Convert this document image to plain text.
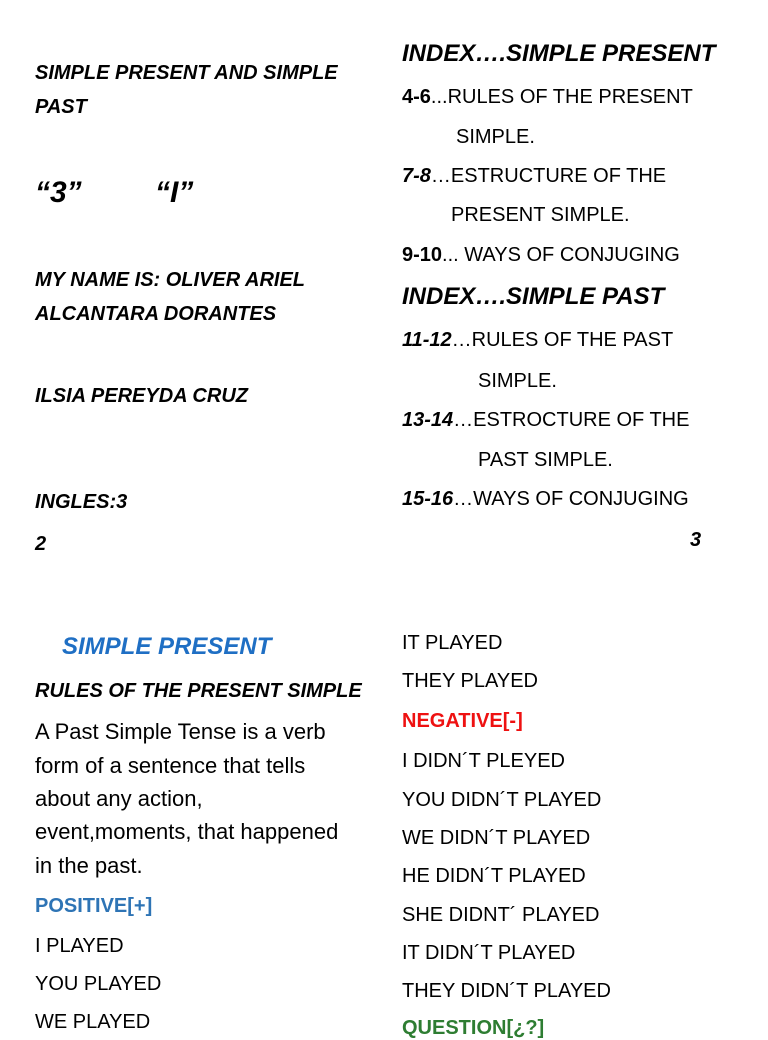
SIMPLE PRESENT AND SIMPLE
PAST
“3” “I”
MY NAME IS: OLIVER ARIEL
ALCANTARA DORANTES
ILSIA PEREYDA CRUZ
INGLES:3
2
INDEX….SIMPLE PRESENT
4-6...RULES OF THE PRESENT
SIMPLE.
7-8…ESTRUCTURE OF THE
PRESENT SIMPLE.
9-10... WAYS OF CONJUGING
INDEX….SIMPLE PAST
11-12…RULES OF THE PAST
SIMPLE.
13-14…ESTROCTURE OF THE
PAST SIMPLE.
15-16…WAYS OF CONJUGING
3
SIMPLE PRESENT
RULES OF THE PRESENT SIMPLE
A Past Simple Tense is a verb
form of a sentence that tells
about any action,
event,moments, that happened
in the past.
POSITIVE[+]
I PLAYED
YOU PLAYED
WE PLAYED
IT PLAYED
THEY PLAYED
NEGATIVE[-]
I DIDN´T PLEYED
YOU DIDN´T PLAYED
WE DIDN´T PLAYED
HE DIDN´T PLAYED
SHE DIDNT´ PLAYED
IT DIDN´T PLAYED
THEY DIDN´T PLAYED
QUESTION[¿?]
